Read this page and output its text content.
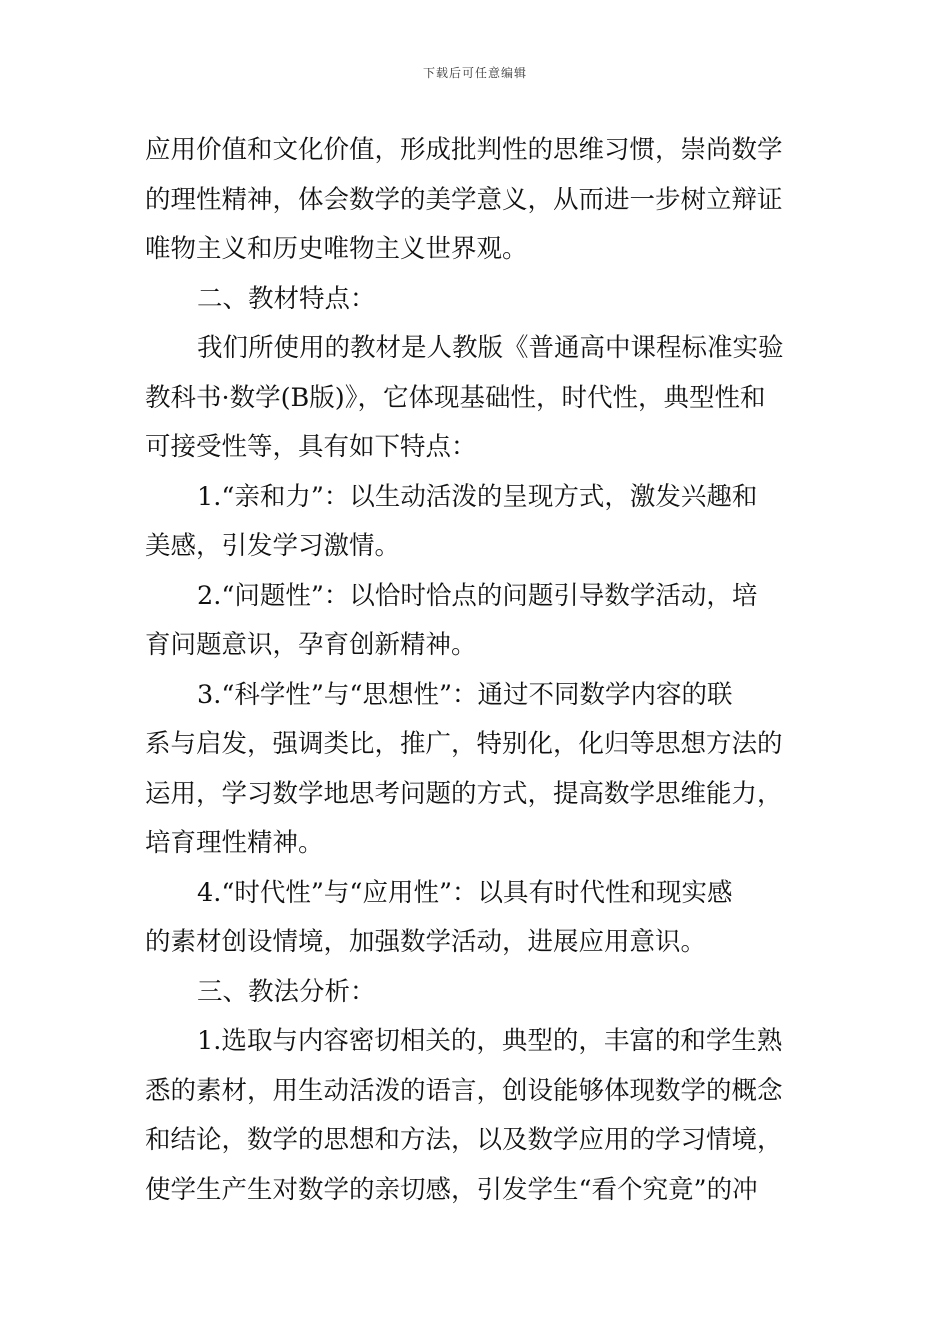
下载后可任意编辑
应用价值和文化价值，形成批判性的思维习惯，崇尚数学
的理性精神，体会数学的美学意义，从而进一步树立辩证
唯物主义和历史唯物主义世界观。
二、教材特点：
我们所使用的教材是人教版《普通高中课程标准实验
教科书·数学(B版)》，它体现基础性，时代性，典型性和
可接受性等，具有如下特点：
1.“亲和力”：以生动活泼的呈现方式，激发兴趣和
美感，引发学习激情。
2.“问题性”：以恰时恰点的问题引导数学活动，培
育问题意识，孕育创新精神。
3.“科学性”与“思想性”：通过不同数学内容的联
系与启发，强调类比，推广，特别化，化归等思想方法的
运用，学习数学地思考问题的方式，提高数学思维能力，
培育理性精神。
4.“时代性”与“应用性”：以具有时代性和现实感
的素材创设情境，加强数学活动，进展应用意识。
三、教法分析：
1.选取与内容密切相关的，典型的，丰富的和学生熟
悉的素材，用生动活泼的语言，创设能够体现数学的概念
和结论，数学的思想和方法，以及数学应用的学习情境，
使学生产生对数学的亲切感，引发学生“看个究竟”的冲
